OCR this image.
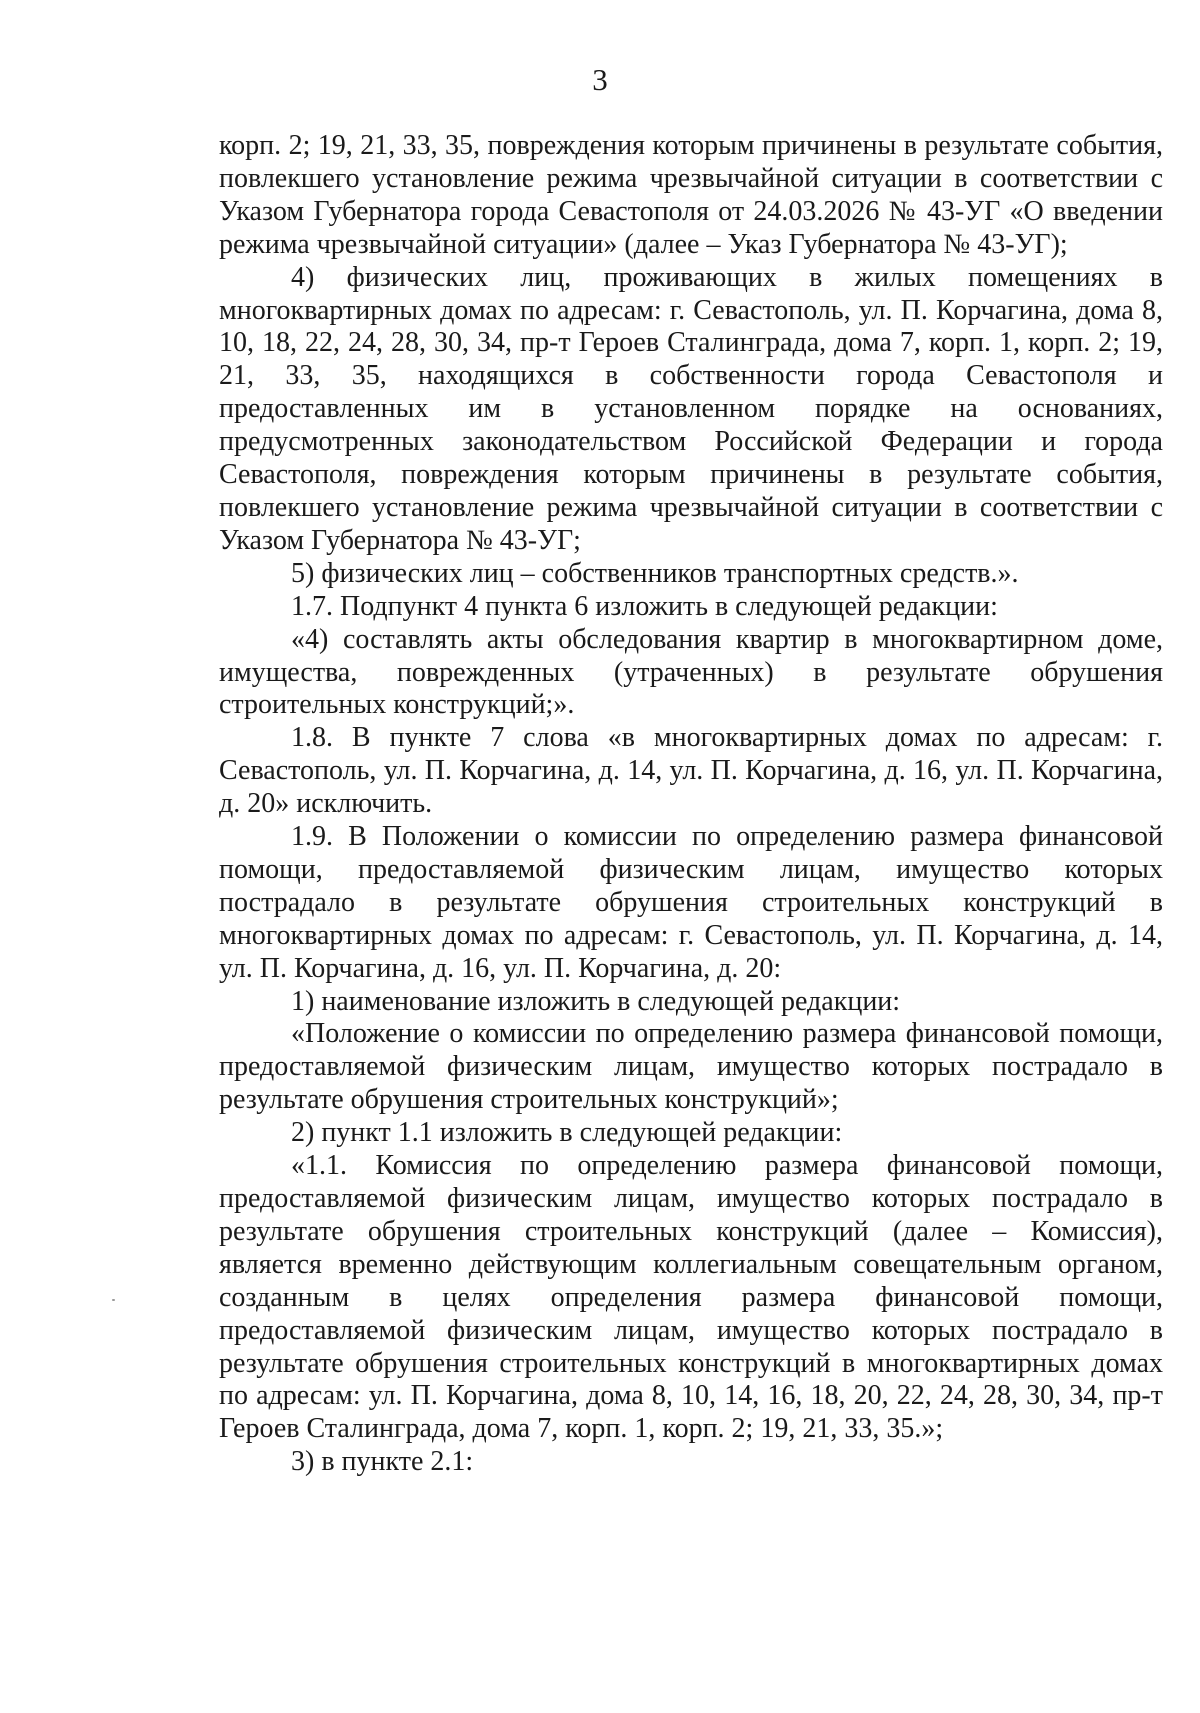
3

корп. 2; 19, 21, 33, 35, повреждения которым причинены в результате события, повлекшего установление режима чрезвычайной ситуации в соответствии с Указом Губернатора города Севастополя от 24.03.2026 № 43-УГ «О введении режима чрезвычайной ситуации» (далее – Указ Губернатора № 43-УГ);

4) физических лиц, проживающих в жилых помещениях в многоквартирных домах по адресам: г. Севастополь, ул. П. Корчагина, дома 8, 10, 18, 22, 24, 28, 30, 34, пр-т Героев Сталинграда, дома 7, корп. 1, корп. 2; 19, 21, 33, 35, находящихся в собственности города Севастополя и предоставленных им в установленном порядке на основаниях, предусмотренных законодательством Российской Федерации и города Севастополя, повреждения которым причинены в результате события, повлекшего установление режима чрезвычайной ситуации в соответствии с Указом Губернатора № 43-УГ;

5) физических лиц – собственников транспортных средств.».

1.7. Подпункт 4 пункта 6 изложить в следующей редакции:

«4) составлять акты обследования квартир в многоквартирном доме, имущества, поврежденных (утраченных) в результате обрушения строительных конструкций;».

1.8. В пункте 7 слова «в многоквартирных домах по адресам: г. Севастополь, ул. П. Корчагина, д. 14, ул. П. Корчагина, д. 16, ул. П. Корчагина, д. 20» исключить.

1.9. В Положении о комиссии по определению размера финансовой помощи, предоставляемой физическим лицам, имущество которых пострадало в результате обрушения строительных конструкций в многоквартирных домах по адресам: г. Севастополь, ул. П. Корчагина, д. 14, ул. П. Корчагина, д. 16, ул. П. Корчагина, д. 20:

1) наименование изложить в следующей редакции:

«Положение о комиссии по определению размера финансовой помощи, предоставляемой физическим лицам, имущество которых пострадало в результате обрушения строительных конструкций»;

2) пункт 1.1 изложить в следующей редакции:

«1.1. Комиссия по определению размера финансовой помощи, предоставляемой физическим лицам, имущество которых пострадало в результате обрушения строительных конструкций (далее – Комиссия), является временно действующим коллегиальным совещательным органом, созданным в целях определения размера финансовой помощи, предоставляемой физическим лицам, имущество которых пострадало в результате обрушения строительных конструкций в многоквартирных домах по адресам: ул. П. Корчагина, дома 8, 10, 14, 16, 18, 20, 22, 24, 28, 30, 34, пр-т Героев Сталинграда, дома 7, корп. 1, корп. 2; 19, 21, 33, 35.»;

3) в пункте 2.1:
